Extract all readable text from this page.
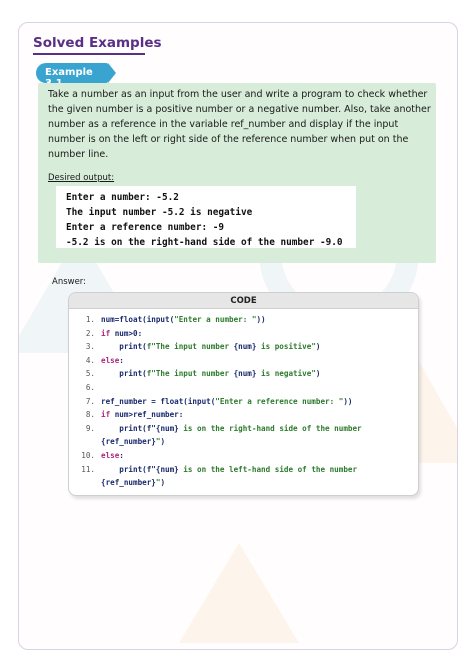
Solved Examples
Example
Take a number as an input from the user and write a program to check whether the given number is a positive number or a negative number. Also, take another number as a reference in the variable ref_number and display if the input number is on the left or right side of the reference number when put on the number line.
Desired output:
Enter a number: -5.2
The input number -5.2 is negative
Enter a reference number: -9
-5.2 is on the right-hand side of the number -9.0
Answer:
CODE
1. num=float(input("Enter a number: "))
2. if num>0:
3. print(f"The input number {num} is positive")
4. else:
5. print(f"The input number {num} is negative")
6.

7. ref_number = float(input("Enter a reference number: "))
8. if num>ref_number:
9. print(f"{num} is on the right-hand side of the number
{ref_number}")
10. else:
11. print(f"{num} is on the left-hand side of the number
{ref_number}")
